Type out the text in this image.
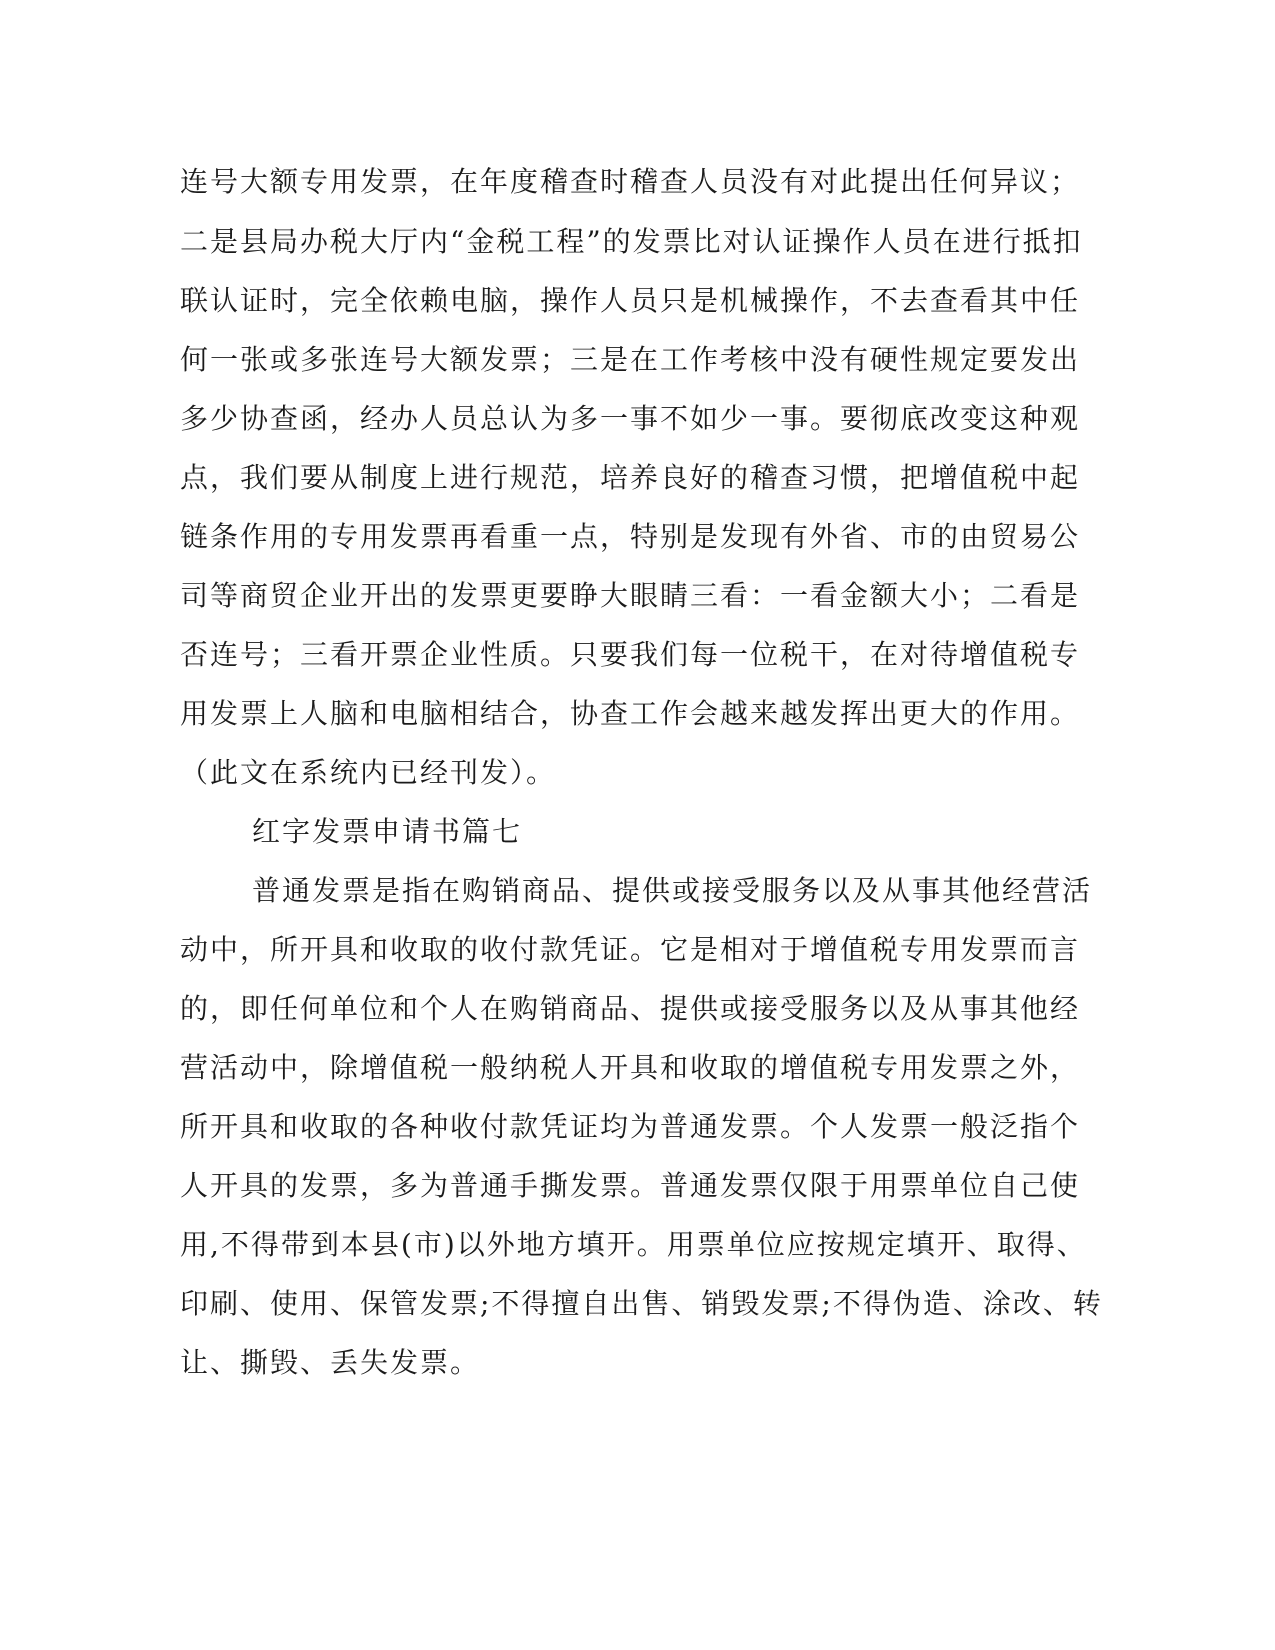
连号大额专用发票，在年度稽查时稽查人员没有对此提出任何异议；
二是县局办税大厅内“金税工程”的发票比对认证操作人员在进行抵扣
联认证时，完全依赖电脑，操作人员只是机械操作，不去查看其中任
何一张或多张连号大额发票；三是在工作考核中没有硬性规定要发出
多少协查函，经办人员总认为多一事不如少一事。要彻底改变这种观
点，我们要从制度上进行规范，培养良好的稽查习惯，把增值税中起
链条作用的专用发票再看重一点，特别是发现有外省、市的由贸易公
司等商贸企业开出的发票更要睁大眼睛三看：一看金额大小；二看是
否连号；三看开票企业性质。只要我们每一位税干，在对待增值税专
用发票上人脑和电脑相结合，协查工作会越来越发挥出更大的作用。
（此文在系统内已经刊发）。
红字发票申请书篇七
普通发票是指在购销商品、提供或接受服务以及从事其他经营活
动中，所开具和收取的收付款凭证。它是相对于增值税专用发票而言
的，即任何单位和个人在购销商品、提供或接受服务以及从事其他经
营活动中，除增值税一般纳税人开具和收取的增值税专用发票之外，
所开具和收取的各种收付款凭证均为普通发票。个人发票一般泛指个
人开具的发票，多为普通手撕发票。普通发票仅限于用票单位自己使
用,不得带到本县(市)以外地方填开。用票单位应按规定填开、取得、
印刷、使用、保管发票;不得擅自出售、销毁发票;不得伪造、涂改、转
让、撕毁、丢失发票。
